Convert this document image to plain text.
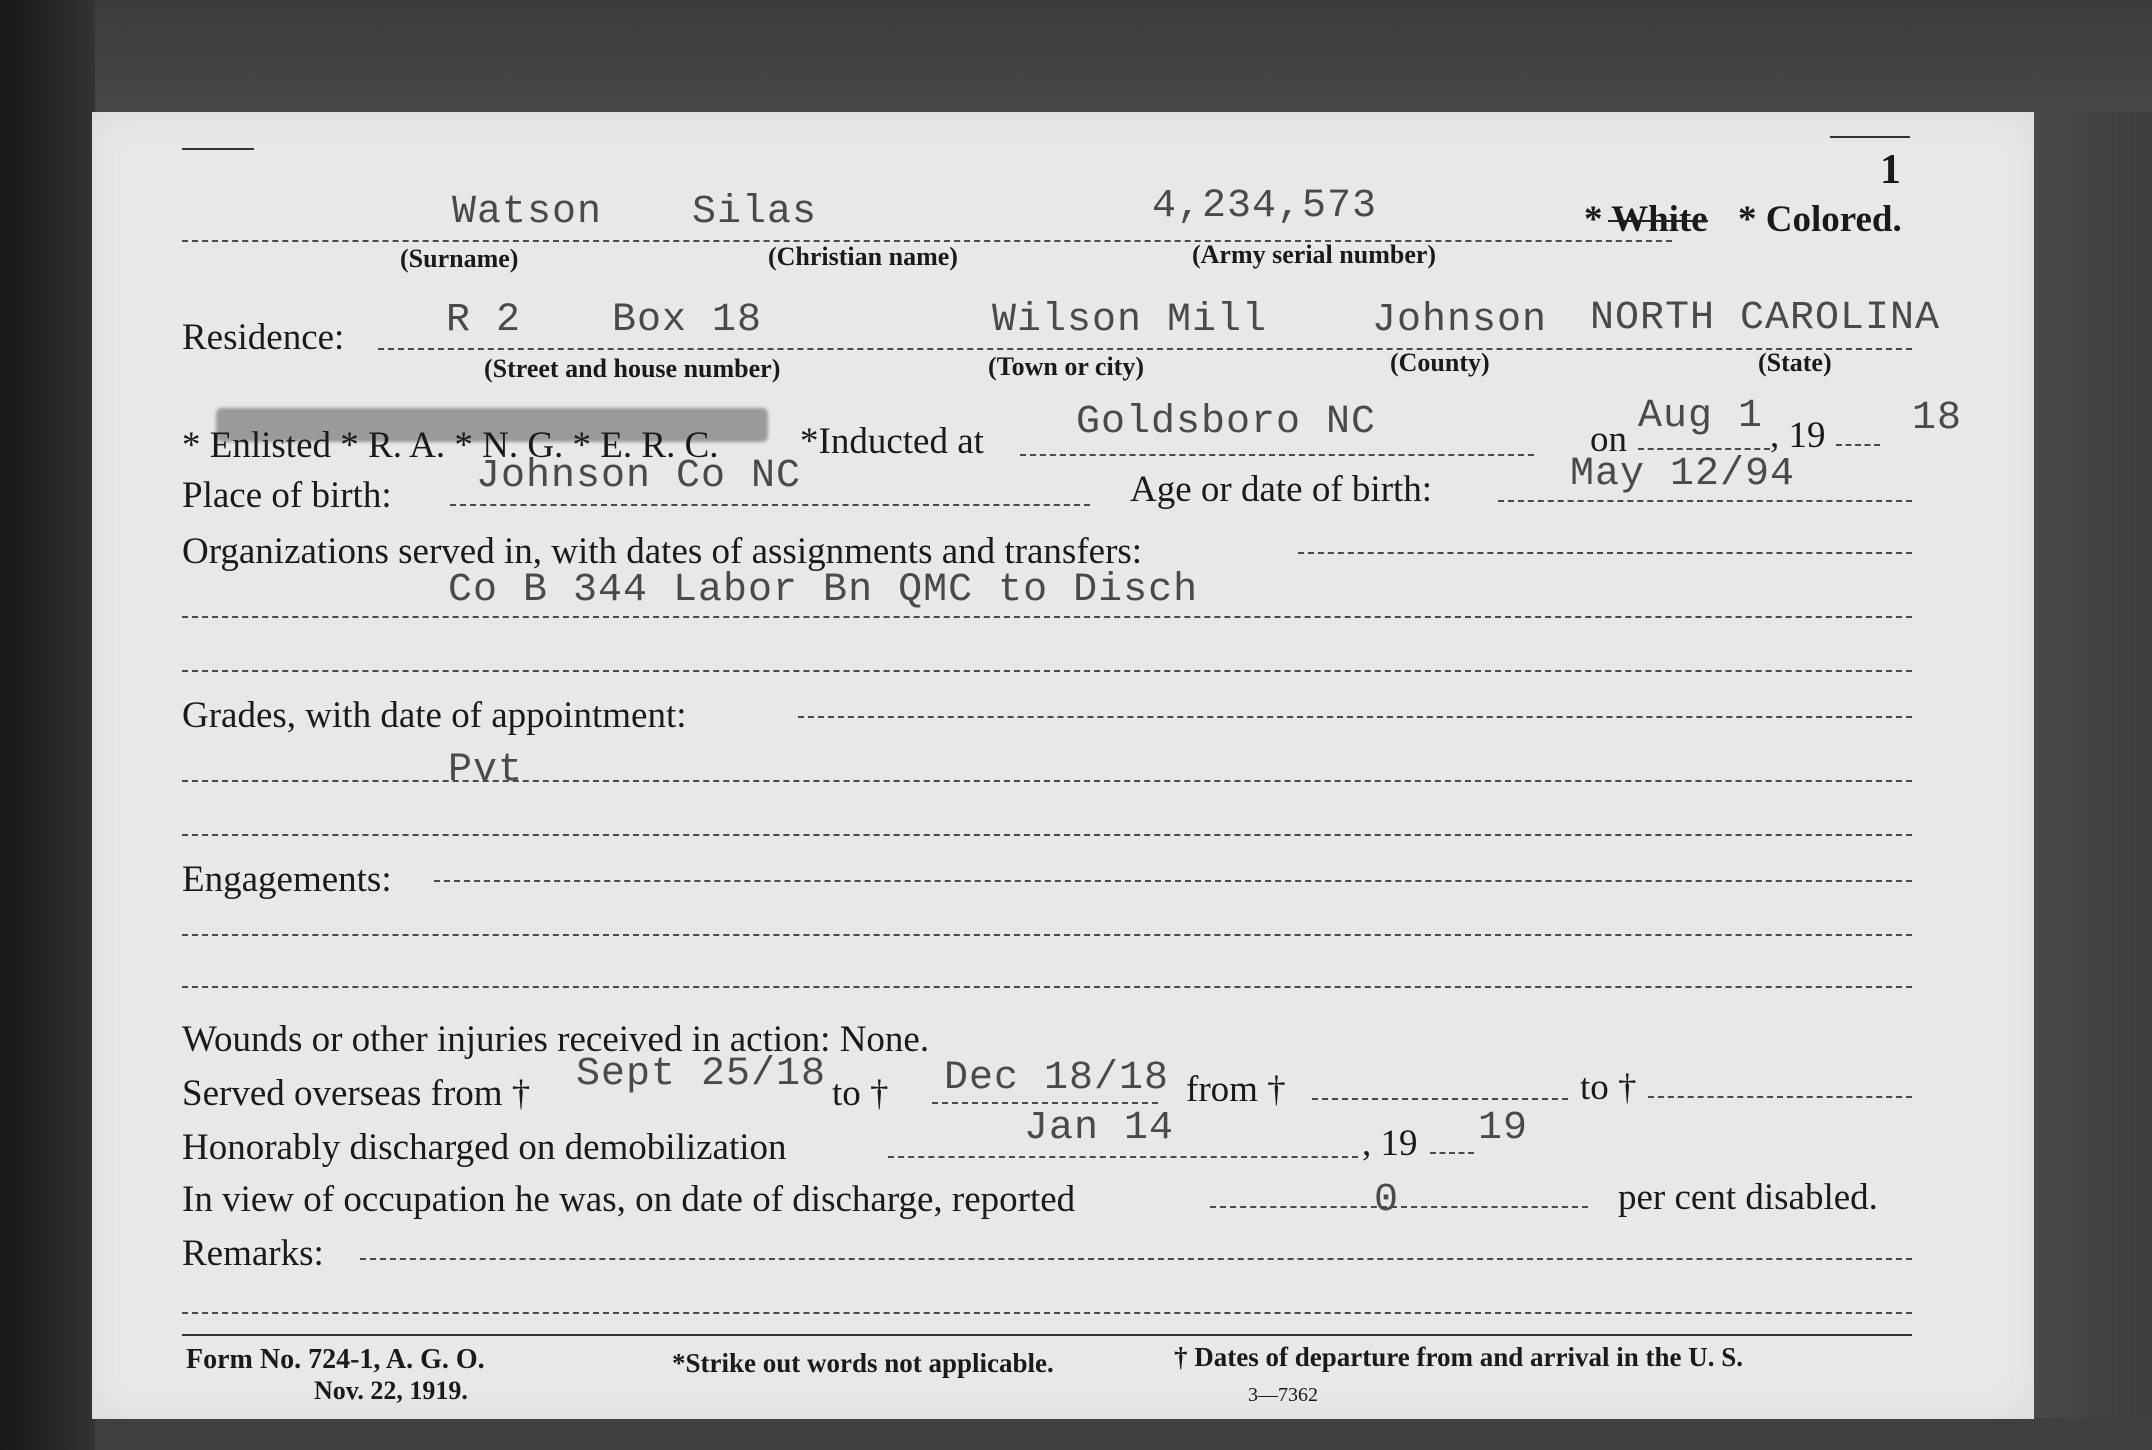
1
Watson Silas	4,234,573	* White * Colored.
(Surname)	(Christian name)	(Army serial number)
Residence:	R 2 Box 18	Wilson Mill	Johnson NORTH CAROLINA
(Street and house number)	(Town or city)	(County)	(State)
* Enlisted * R. A. * N. G. * E. R. C. *Inducted at Goldsboro NC	on
Aug 1 , 19 18
Place of birth: Johnson Co NC	Age or date of birth:	May 12/94
Organizations served in, with dates of assignments and transfers:
Co B 344 Labor Bn QMC to Disch
Grades, with date of appointment:
Pvt
Engagements:
Wounds or other injuries received in action: None.
Served overseas from † Sept 25/18 to † Dec 18/18 from †	to †
Honorably discharged on demobilization	Jan 14	, 19 19
In view of occupation he was, on date of discharge, reported	0	per cent disabled.
Remarks:
Form No. 724-1, A. G. O.
Nov. 22, 1919.
*Strike out words not applicable.	† Dates of departure from and arrival in the U. S.
3—7362
